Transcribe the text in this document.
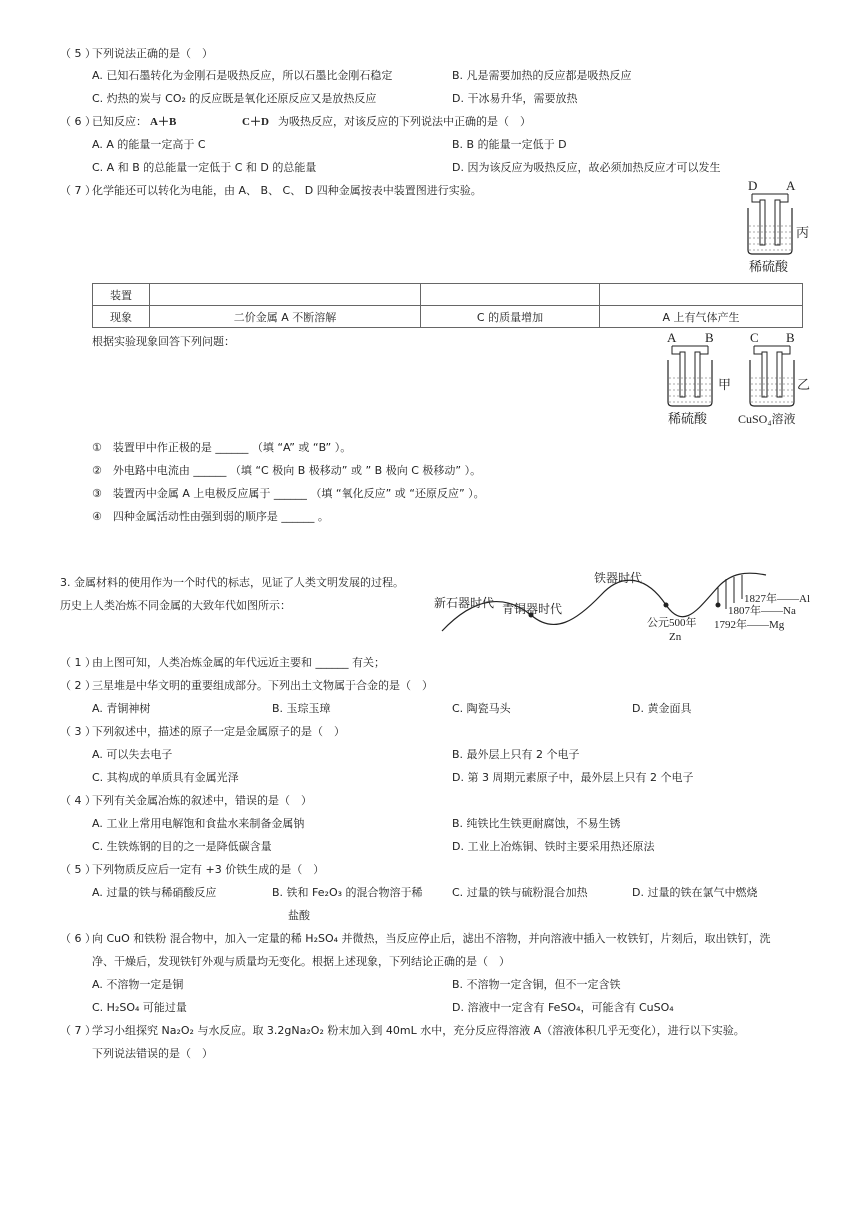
（ 5 ）
下列说法正确的是（　）
A. 已知石墨转化为金刚石是吸热反应，所以石墨比金刚石稳定	B. 凡是需要加热的反应都是吸热反应
C. 灼热的炭与 CO₂ 的反应既是氧化还原反应又是放热反应	D. 干冰易升华，需要放热
（ 6 ）
已知反应： A＋B	C＋D 为吸热反应，对该反应的下列说法中正确的是（　）
A. A 的能量一定高于 C	B. B 的能量一定低于 D
C. A 和 B 的总能量一定低于 C 和 D 的总能量	D. 因为该反应为吸热反应，故必须加热反应才可以发生
（ 7 ）
化学能还可以转化为电能，由 A、 B、 C、 D 四种金属按表中装置图进行实验。	D A
丙
稀硫酸
装置			
现象	二价金属 A 不断溶解	C 的质量增加	A 上有气体产生
根据实验现象回答下列问题：	A B
甲
稀硫酸
C B
乙
CuSO₄溶液
①　装置甲中作正极的是 ______ （填 “A” 或 “B” ）。
②　外电路中电流由 ______ （填 “C 极向 B 极移动” 或 ” B 极向 C 极移动” ）。
③　装置丙中金属 A 上电极反应属于 ______ （填 “氧化反应” 或 “还原反应” ）。
④　四种金属活动性由强到弱的顺序是 ______ 。
3. 金属材料的使用作为一个时代的标志，见证了人类文明发展的过程。
历史上人类冶炼不同金属的大致年代如图所示：	新石器时代 青铜器时代
铁器时代
公元500年
Zn
1827年——Al
1807年——Na
1792年——Mg
（ 1 ）
由上图可知，人类冶炼金属的年代远近主要和 ______ 有关；
（ 2 ）
三星堆是中华文明的重要组成部分。下列出土文物属于合金的是（　）
A. 青铜神树	B. 玉琮玉璋	C. 陶瓷马头	D. 黄金面具
（ 3 ）
下列叙述中，描述的原子一定是金属原子的是（　）
A. 可以失去电子	B. 最外层上只有 2 个电子
C. 其构成的单质具有金属光泽	D. 第 3 周期元素原子中，最外层上只有 2 个电子
（ 4 ）
下列有关金属冶炼的叙述中，错误的是（　）
A. 工业上常用电解饱和食盐水来制备金属钠	B. 纯铁比生铁更耐腐蚀，不易生锈
C. 生铁炼钢的目的之一是降低碳含量	D. 工业上冶炼铜、铁时主要采用热还原法
（ 5 ）
下列物质反应后一定有 +3 价铁生成的是（　）
A. 过量的铁与稀硝酸反应	B. 铁和 Fe₂O₃ 的混合物溶于稀
盐酸
C. 过量的铁与硫粉混合加热	D. 过量的铁在氯气中燃烧
（ 6 ）
向 CuO 和铁粉 混合物中，加入一定量的稀 H₂SO₄ 并微热，当反应停止后，滤出不溶物，并向溶液中插入一枚铁钉，片刻后，取出铁钉，洗
净、干燥后，发现铁钉外观与质量均无变化。根据上述现象，下列结论正确的是（　）
A. 不溶物一定是铜	B. 不溶物一定含铜，但不一定含铁
C. H₂SO₄ 可能过量	D. 溶液中一定含有 FeSO₄，可能含有 CuSO₄
（ 7 ）
学习小组探究 Na₂O₂ 与水反应。取 3.2gNa₂O₂ 粉末加入到 40mL 水中，充分反应得溶液 A（溶液体积几乎无变化），进行以下实验。
下列说法错误的是（　）
